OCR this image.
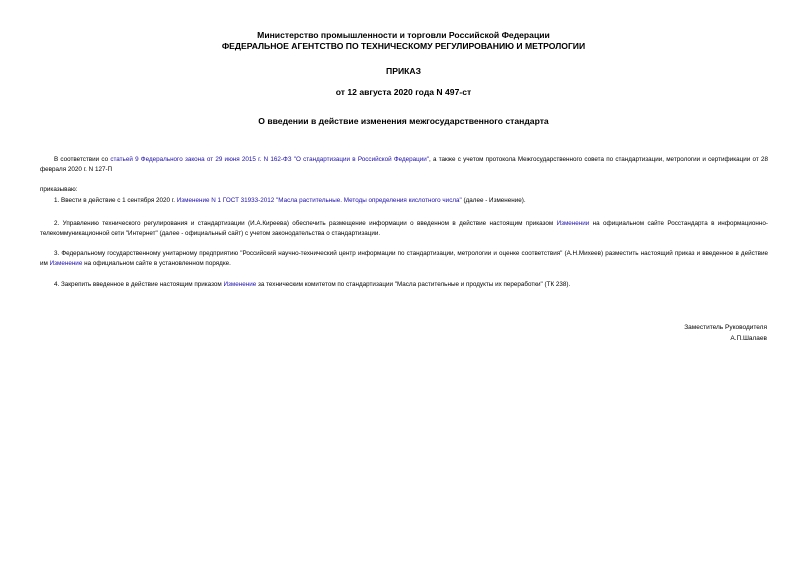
Министерство промышленности и торговли Российской Федерации
ФЕДЕРАЛЬНОЕ АГЕНТСТВО ПО ТЕХНИЧЕСКОМУ РЕГУЛИРОВАНИЮ И МЕТРОЛОГИИ
ПРИКАЗ
от 12 августа 2020 года N 497-ст
О введении в действие изменения межгосударственного стандарта
В соответствии со статьей 9 Федерального закона от 29 июня 2015 г. N 162-ФЗ "О стандартизации в Российской Федерации", а также с учетом протокола Межгосударственного совета по стандартизации, метрологии и сертификации от 28 февраля 2020 г. N 127-П
приказываю:
1. Ввести в действие с 1 сентября 2020 г. Изменение N 1 ГОСТ 31933-2012 "Масла растительные. Методы определения кислотного числа" (далее - Изменение).
2. Управлению технического регулирования и стандартизации (И.А.Киреева) обеспечить размещение информации о введенном в действие настоящим приказом Изменении на официальном сайте Росстандарта в информационно-телекоммуникационной сети "Интернет" (далее - официальный сайт) с учетом законодательства о стандартизации.
3. Федеральному государственному унитарному предприятию "Российский научно-технический центр информации по стандартизации, метрологии и оценке соответствия" (А.Н.Михеев) разместить настоящий приказ и введенное в действие им Изменение на официальном сайте в установленном порядке.
4. Закрепить введенное в действие настоящим приказом Изменение за техническим комитетом по стандартизации "Масла растительные и продукты их переработки" (ТК 238).
Заместитель Руководителя
А.П.Шалаев
